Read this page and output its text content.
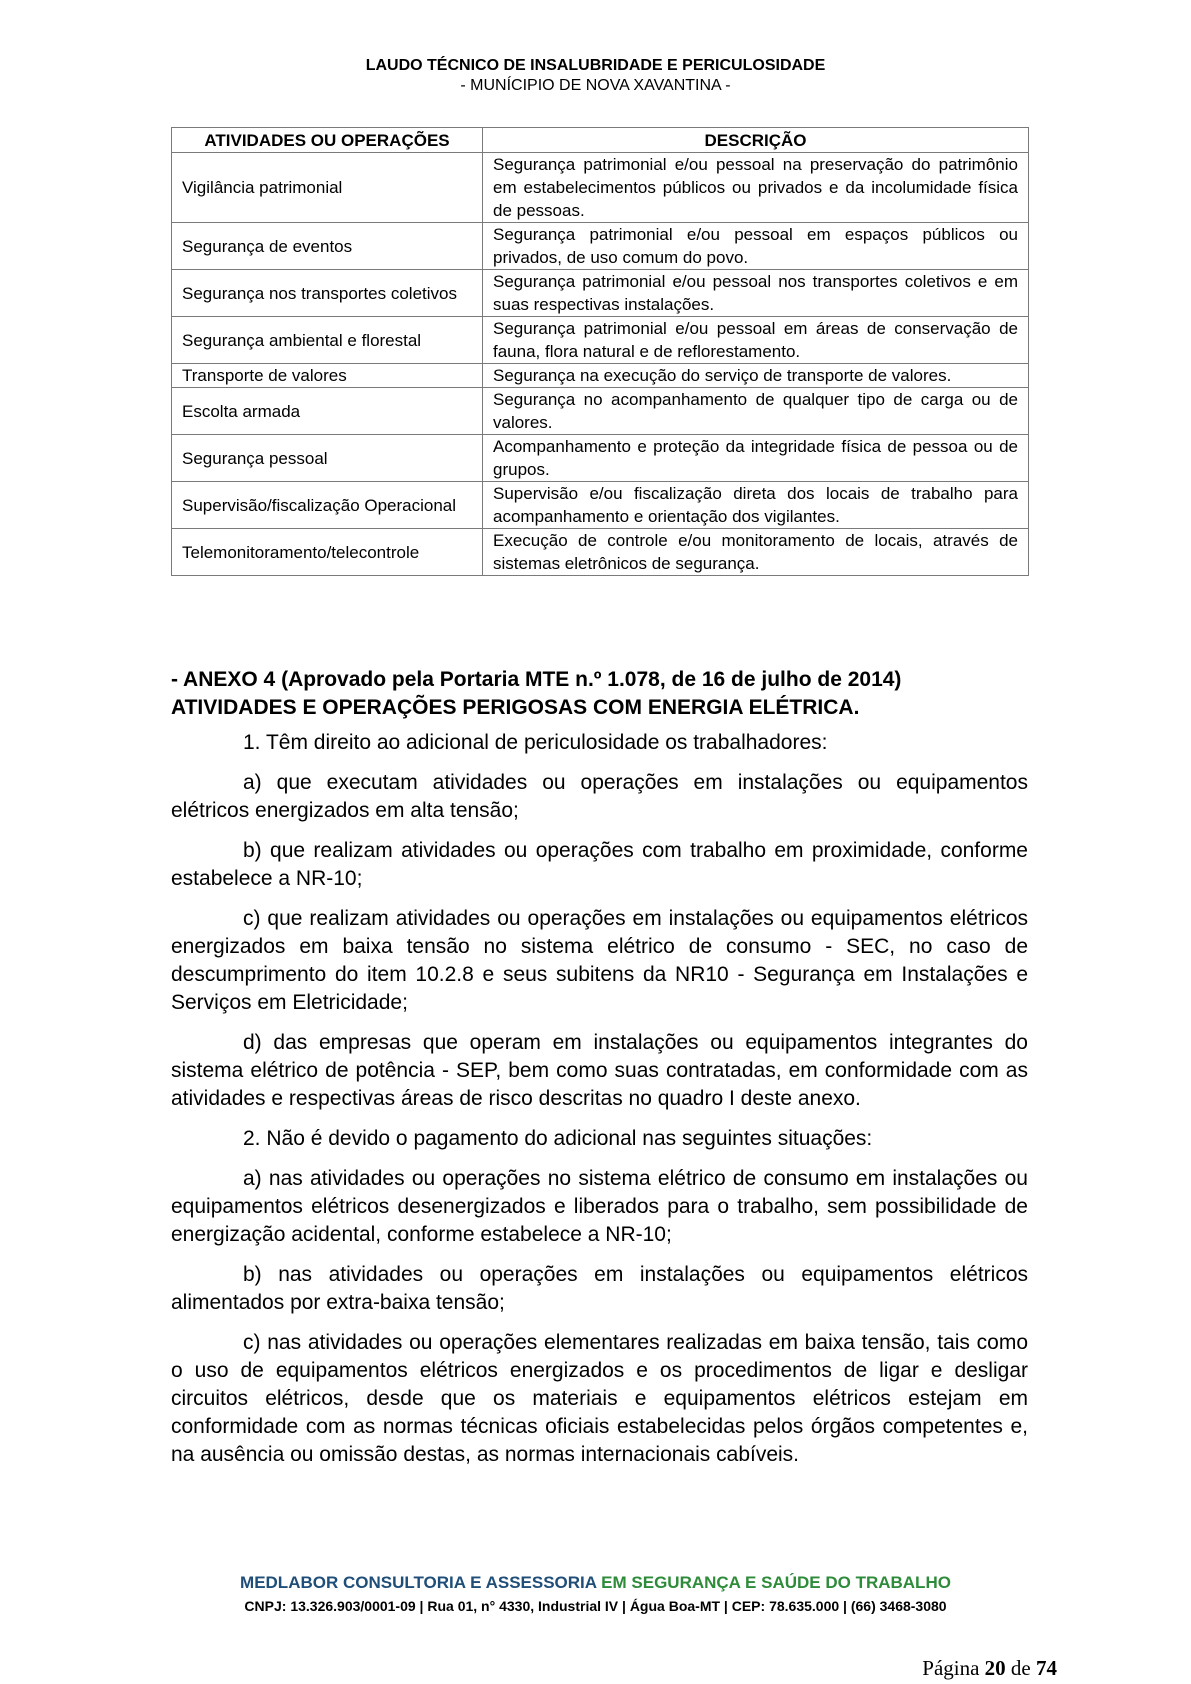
LAUDO TÉCNICO DE INSALUBRIDADE E PERICULOSIDADE
- MUNÍCIPIO DE NOVA XAVANTINA -
ATIVIDADES OU OPERAÇÕES	DESCRIÇÃO
Vigilância patrimonial	Segurança patrimonial e/ou pessoal na preservação do patrimônio em estabelecimentos públicos ou privados e da incolumidade física de pessoas.
Segurança de eventos	Segurança patrimonial e/ou pessoal em espaços públicos ou privados, de uso comum do povo.
Segurança nos transportes coletivos	Segurança patrimonial e/ou pessoal nos transportes coletivos e em suas respectivas instalações.
Segurança ambiental e florestal	Segurança patrimonial e/ou pessoal em áreas de conservação de fauna, flora natural e de reflorestamento.
Transporte de valores	Segurança na execução do serviço de transporte de valores.
Escolta armada	Segurança no acompanhamento de qualquer tipo de carga ou de valores.
Segurança pessoal	Acompanhamento e proteção da integridade física de pessoa ou de grupos.
Supervisão/fiscalização Operacional	Supervisão e/ou fiscalização direta dos locais de trabalho para acompanhamento e orientação dos vigilantes.
Telemonitoramento/telecontrole	Execução de controle e/ou monitoramento de locais, através de sistemas eletrônicos de segurança.
- ANEXO 4 (Aprovado pela Portaria MTE n.º 1.078, de 16 de julho de 2014)
ATIVIDADES E OPERAÇÕES PERIGOSAS COM ENERGIA ELÉTRICA.

1. Têm direito ao adicional de periculosidade os trabalhadores:

a) que executam atividades ou operações em instalações ou equipamentos elétricos energizados em alta tensão;

b) que realizam atividades ou operações com trabalho em proximidade, conforme estabelece a NR-10;

c) que realizam atividades ou operações em instalações ou equipamentos elétricos energizados em baixa tensão no sistema elétrico de consumo - SEC, no caso de descumprimento do item 10.2.8 e seus subitens da NR10 - Segurança em Instalações e Serviços em Eletricidade;

d) das empresas que operam em instalações ou equipamentos integrantes do sistema elétrico de potência - SEP, bem como suas contratadas, em conformidade com as atividades e respectivas áreas de risco descritas no quadro I deste anexo.

2. Não é devido o pagamento do adicional nas seguintes situações:

a) nas atividades ou operações no sistema elétrico de consumo em instalações ou equipamentos elétricos desenergizados e liberados para o trabalho, sem possibilidade de energização acidental, conforme estabelece a NR-10;

b) nas atividades ou operações em instalações ou equipamentos elétricos alimentados por extra-baixa tensão;

c) nas atividades ou operações elementares realizadas em baixa tensão, tais como o uso de equipamentos elétricos energizados e os procedimentos de ligar e desligar circuitos elétricos, desde que os materiais e equipamentos elétricos estejam em conformidade com as normas técnicas oficiais estabelecidas pelos órgãos competentes e, na ausência ou omissão destas, as normas internacionais cabíveis.

MEDLABOR CONSULTORIA E ASSESSORIA EM SEGURANÇA E SAÚDE DO TRABALHO
CNPJ: 13.326.903/0001-09 | Rua 01, n° 4330, Industrial IV | Água Boa-MT | CEP: 78.635.000 | (66) 3468-3080
Página 20 de 74
